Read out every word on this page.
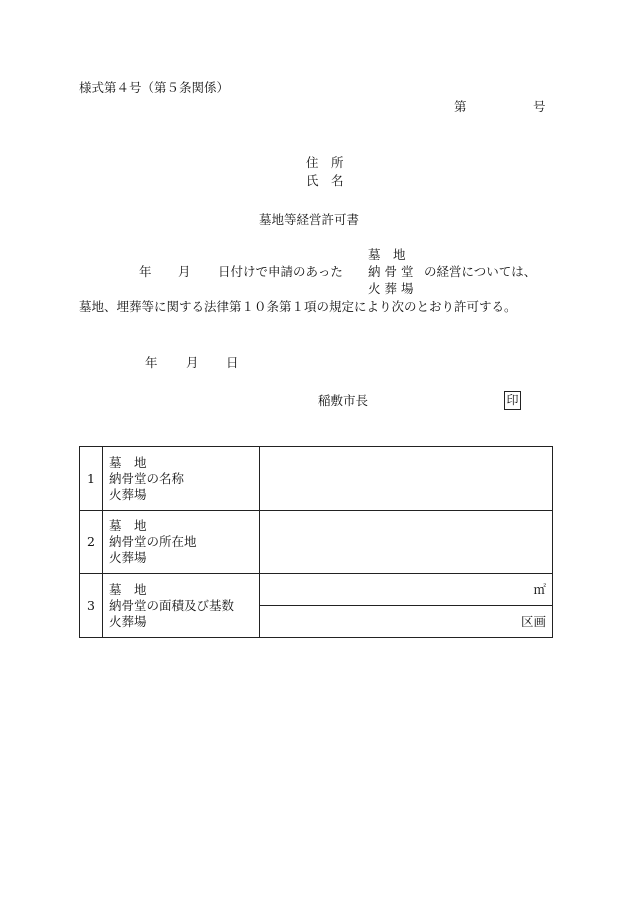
様式第４号（第５条関係）
第	号
住　所
氏　名
墓地等経営許可書
墓　地
年 月 日付けで申請のあった 納 骨 堂 の経営については、
火 葬 場
墓地、埋葬等に関する法律第１０条第１項の規定により次のとおり許可する。
年 月 日
稲敷市長	印
1	墓　地
納骨堂の名称
火葬場	

2	墓　地
納骨堂の所在地
火葬場	

3	墓　地
納骨堂の面積及び基数
火葬場	㎡
		区画
